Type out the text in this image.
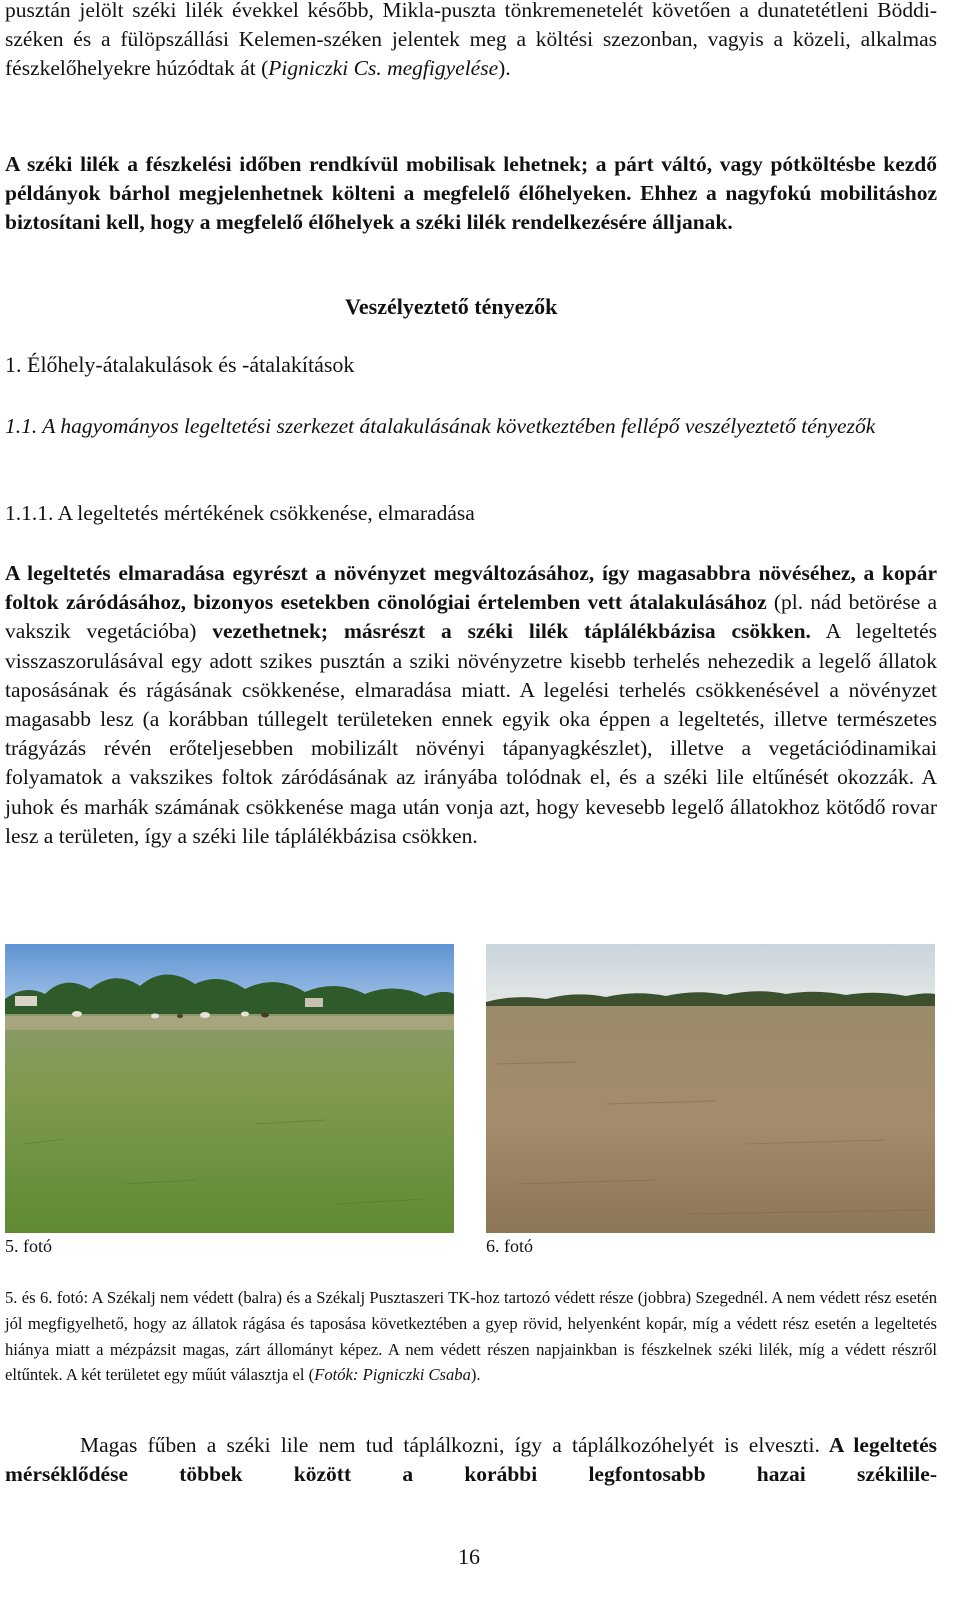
pusztán jelölt széki lilék évekkel később, Mikla-puszta tönkremenetelét követően a dunatetétleni Böddi-széken és a fülöpszállási Kelemen-széken jelentek meg a költési szezonban, vagyis a közeli, alkalmas fészkelőhelyekre húzódtak át (Pigniczki Cs. megfigyelése).

A széki lilék a fészkelési időben rendkívül mobilisak lehetnek; a párt váltó, vagy pótköltésbe kezdő példányok bárhol megjelenhetnek költeni a megfelelő élőhelyeken. Ehhez a nagyfokú mobilitáshoz biztosítani kell, hogy a megfelelő élőhelyek a széki lilék rendelkezésére álljanak.

Veszélyeztető tényezők
1. Élőhely-átalakulások és -átalakítások

1.1. A hagyományos legeltetési szerkezet átalakulásának következtében fellépő veszélyeztető tényezők

1.1.1. A legeltetés mértékének csökkenése, elmaradása

A legeltetés elmaradása egyrészt a növényzet megváltozásához, így magasabbra növéséhez, a kopár foltok záródásához, bizonyos esetekben cönológiai értelemben vett átalakulásához (pl. nád betörése a vakszik vegetációba) vezethetnek; másrészt a széki lilék táplálékbázisa csökken. A legeltetés visszaszorulásával egy adott szikes pusztán a sziki növényzetre kisebb terhelés nehezedik a legelő állatok taposásának és rágásának csökkenése, elmaradása miatt. A legelési terhelés csökkenésével a növényzet magasabb lesz (a korábban túllegelt területeken ennek egyik oka éppen a legeltetés, illetve természetes trágyázás révén erőteljesebben mobilizált növényi tápanyagkészlet), illetve a vegetációdinamikai folyamatok a vakszikes foltok záródásának az irányába tolódnak el, és a széki lile eltűnését okozzák. A juhok és marhák számának csökkenése maga után vonja azt, hogy kevesebb legelő állatokhoz kötődő rovar lesz a területen, így a széki lile táplálékbázisa csökken.

5. fotó	6. fotó

5. és 6. fotó: A Székalj nem védett (balra) és a Székalj Pusztaszeri TK-hoz tartozó védett része (jobbra) Szegednél. A nem védett rész esetén jól megfigyelhető, hogy az állatok rágása és taposása következtében a gyep rövid, helyenként kopár, míg a védett rész esetén a legeltetés hiánya miatt a mézpázsit magas, zárt állományt képez. A nem védett részen napjainkban is fészkelnek széki lilék, míg a védett részről eltűntek. A két területet egy műút választja el (Fotók: Pigniczki Csaba).

Magas fűben a széki lile nem tud táplálkozni, így a táplálkozóhelyét is elveszti. A legeltetés mérséklődése többek között a korábbi legfontosabb hazai székilile-

16
